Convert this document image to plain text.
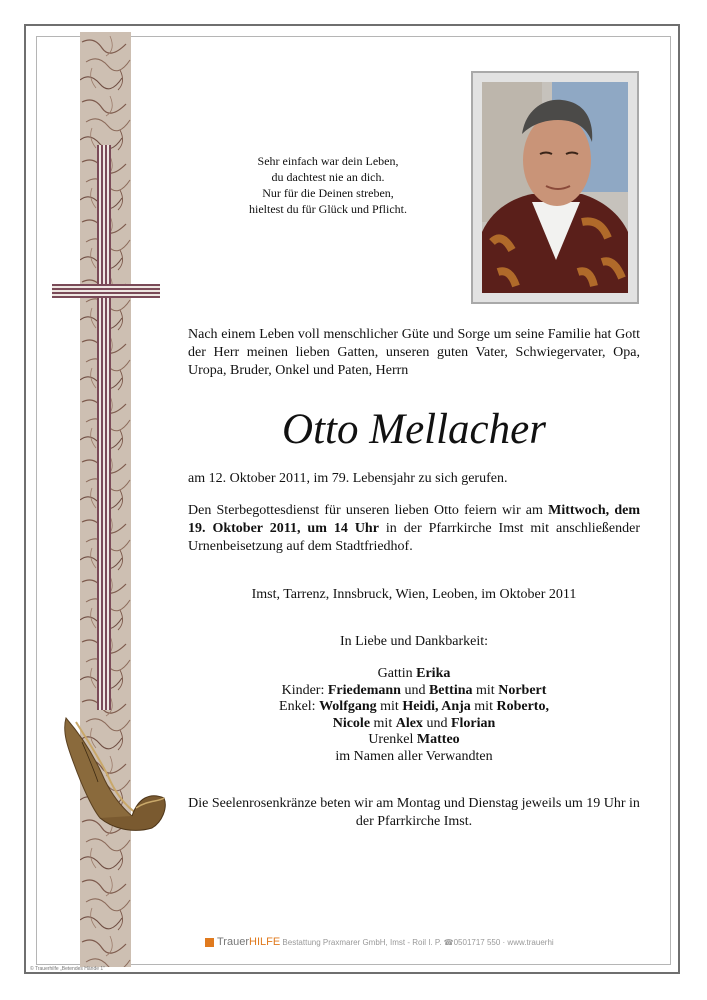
Sehr einfach war dein Leben,
du dachtest nie an dich.
Nur für die Deinen streben,
hieltest du für Glück und Pflicht.
Nach einem Leben voll menschlicher Güte und Sorge um seine Familie hat Gott der Herr meinen lieben Gatten, unseren guten Vater, Schwiegervater, Opa, Uropa, Bruder, Onkel und Paten, Herrn
Otto Mellacher
am 12. Oktober 2011, im 79. Lebensjahr zu sich gerufen.
Den Sterbegottesdienst für unseren lieben Otto feiern wir am Mittwoch, dem 19. Oktober 2011, um 14 Uhr in der Pfarrkirche Imst mit anschließender Urnenbeisetzung auf dem Stadtfriedhof.
Imst, Tarrenz, Innsbruck, Wien, Leoben, im Oktober 2011
In Liebe und Dankbarkeit:
Gattin Erika
Kinder: Friedemann und Bettina mit Norbert
Enkel: Wolfgang mit Heidi, Anja mit Roberto,
Nicole mit Alex und Florian
Urenkel Matteo
im Namen aller Verwandten
Die Seelenrosenkränze beten wir am Montag und Dienstag jeweils um 19 Uhr in der Pfarrkirche Imst.
TrauerHILFE Bestattung Praxmarer GmbH, Imst - Roil I. P. ☎0501717 550 · www.trauerhi
© Trauerhilfe „Betendes Hände 1"
